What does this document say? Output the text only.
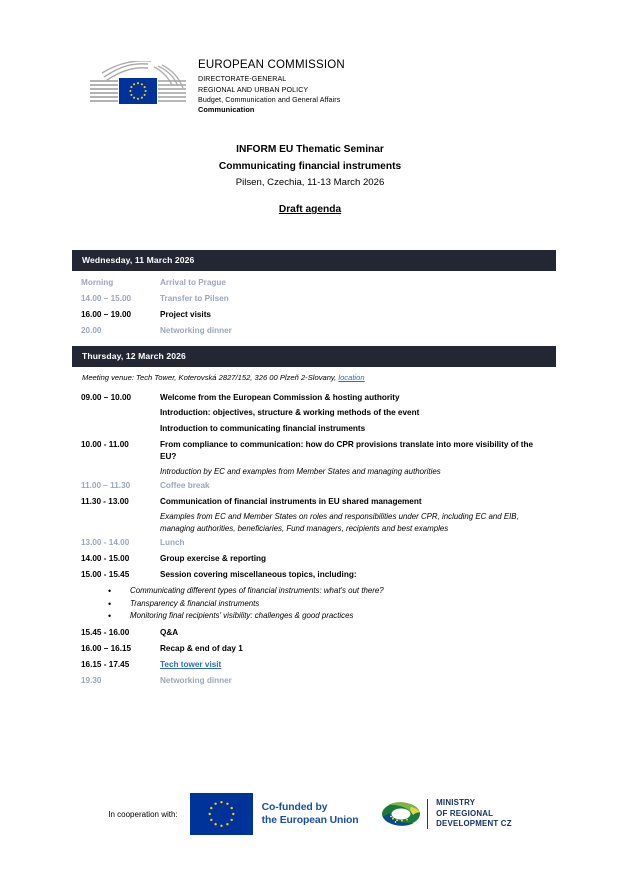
EUROPEAN COMMISSION
DIRECTORATE-GENERAL
REGIONAL AND URBAN POLICY
Budget, Communication and General Affairs
Communication
INFORM EU Thematic Seminar
Communicating financial instruments
Pilsen, Czechia, 11-13 March 2026
Draft agenda
Wednesday, 11 March 2026
Morning	Arrival to Prague
14.00 – 15.00	Transfer to Pilsen
16.00 – 19.00	Project visits
20.00	Networking dinner
Thursday, 12 March 2026
Meeting venue: Tech Tower, Koterovská 2827/152, 326 00 Plzeň 2-Slovany, location
09.00 – 10.00	Welcome from the European Commission & hosting authority
Introduction: objectives, structure & working methods of the event
Introduction to communicating financial instruments
10.00 - 11.00	From compliance to communication: how do CPR provisions translate into more visibility of the EU?
Introduction by EC and examples from Member States and managing authorities
11.00 – 11.30	Coffee break
11.30 - 13.00	Communication of financial instruments in EU shared management
Examples from EC and Member States on roles and responsibilities under CPR, including EC and EIB, managing authorities, beneficiaries, Fund managers, recipients and best examples
13.00 - 14.00	Lunch
14.00 - 15.00	Group exercise & reporting
15.00 - 15.45	Session covering miscellaneous topics, including:
• Communicating different types of financial instruments: what's out there?
• Transparency & financial instruments
• Monitoring final recipients' visibility: challenges & good practices
15.45 - 16.00	Q&A
16.00 – 16.15	Recap & end of day 1
16.15 - 17.45	Tech tower visit
19.30	Networking dinner
In cooperation with:
Co-funded by
the European Union
MINISTRY
OF REGIONAL
DEVELOPMENT CZ
